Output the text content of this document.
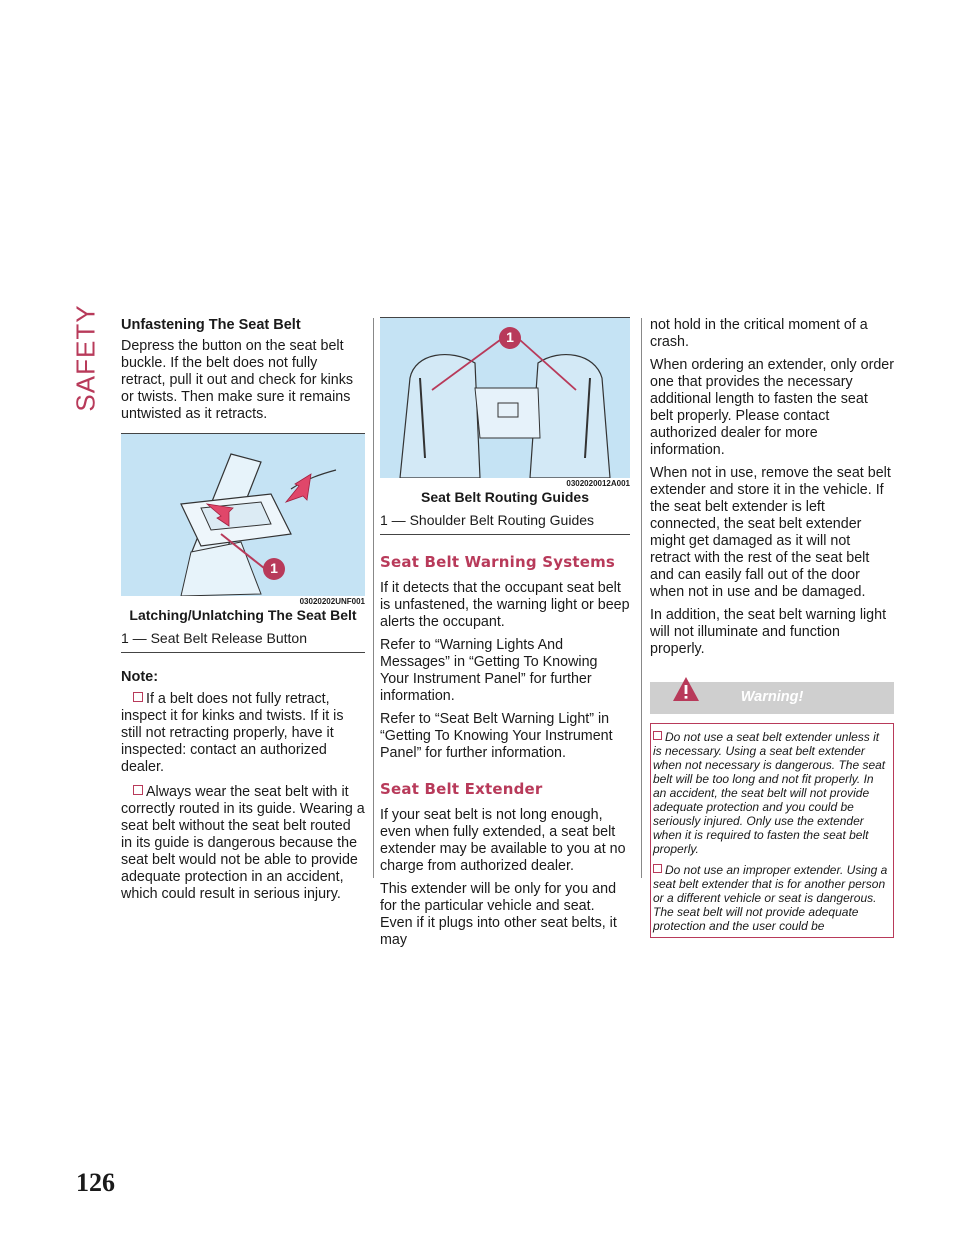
SAFETY
126
Unfastening The Seat Belt

Depress the button on the seat belt buckle. If the belt does not fully retract, pull it out and check for kinks or twists. Then make sure it remains untwisted as it retracts.

1
03020202UNF001
Latching/Unlatching The Seat Belt
1 — Seat Belt Release Button
Note:

If a belt does not fully retract, inspect it for kinks and twists. If it is still not retracting properly, have it inspected: contact an authorized dealer.

Always wear the seat belt with it correctly routed in its guide. Wearing a seat belt without the seat belt routed in its guide is dangerous because the seat belt would not be able to provide adequate protection in an accident, which could result in serious injury.

1
0302020012A001
Seat Belt Routing Guides
1 — Shoulder Belt Routing Guides
Seat Belt Warning Systems

If it detects that the occupant seat belt is unfastened, the warning light or beep alerts the occupant.

Refer to “Warning Lights And Messages” in “Getting To Knowing Your Instrument Panel” for further information.

Refer to “Seat Belt Warning Light” in “Getting To Knowing Your Instrument Panel” for further information.

Seat Belt Extender

If your seat belt is not long enough, even when fully extended, a seat belt extender may be available to you at no charge from authorized dealer.

This extender will be only for you and for the particular vehicle and seat. Even if it plugs into other seat belts, it may

not hold in the critical moment of a crash.

When ordering an extender, only order one that provides the necessary additional length to fasten the seat belt properly. Please contact authorized dealer for more information.

When not in use, remove the seat belt extender and store it in the vehicle. If the seat belt extender is left connected, the seat belt extender might get damaged as it will not retract with the rest of the seat belt and can easily fall out of the door when not in use and be damaged.

In addition, the seat belt warning light will not illuminate and function properly.

Warning!

Do not use a seat belt extender unless it is necessary. Using a seat belt extender when not necessary is dangerous. The seat belt will be too long and not fit properly. In an accident, the seat belt will not provide adequate protection and you could be seriously injured. Only use the extender when it is required to fasten the seat belt properly.

Do not use an improper extender. Using a seat belt extender that is for another person or a different vehicle or seat is dangerous. The seat belt will not provide adequate protection and the user could be
